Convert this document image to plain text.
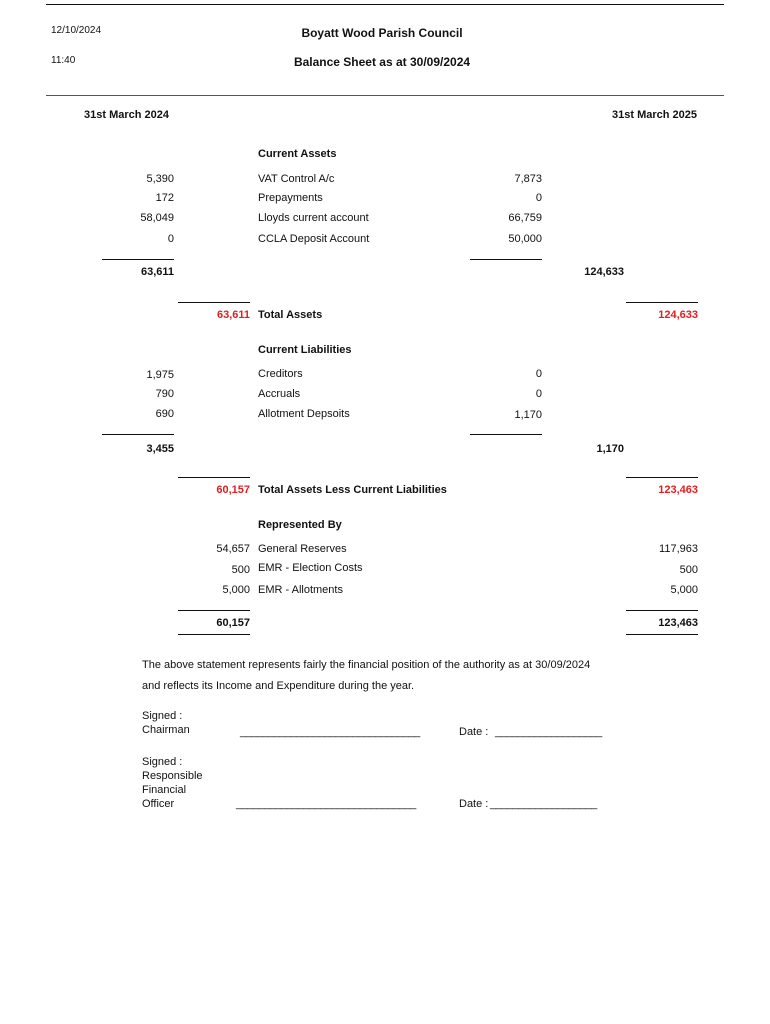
12/10/2024
11:40
Boyatt Wood Parish Council
Balance Sheet as at 30/09/2024
31st March 2024	31st March 2025
Current Assets
5,390	VAT Control A/c	7,873
172	Prepayments	0
58,049	Lloyds current account	66,759
0	CCLA Deposit Account	50,000
63,611	124,633
63,611 Total Assets	124,633
Current Liabilities
1,975	Creditors	0
790	Accruals	0
690	Allotment Depsoits	1,170
3,455	1,170
60,157 Total Assets Less Current Liabilities	123,463
Represented By
54,657 General Reserves	117,963
500 EMR - Election Costs	500
5,000 EMR - Allotments	5,000
60,157	123,463
The above statement represents fairly the financial position of the authority as at 30/09/2024
and reflects its Income and Expenditure during the year.
Signed :
Chairman	________________________________	Date : ___________________
Signed :
Responsible
Financial
Officer	________________________________	Date : ___________________
